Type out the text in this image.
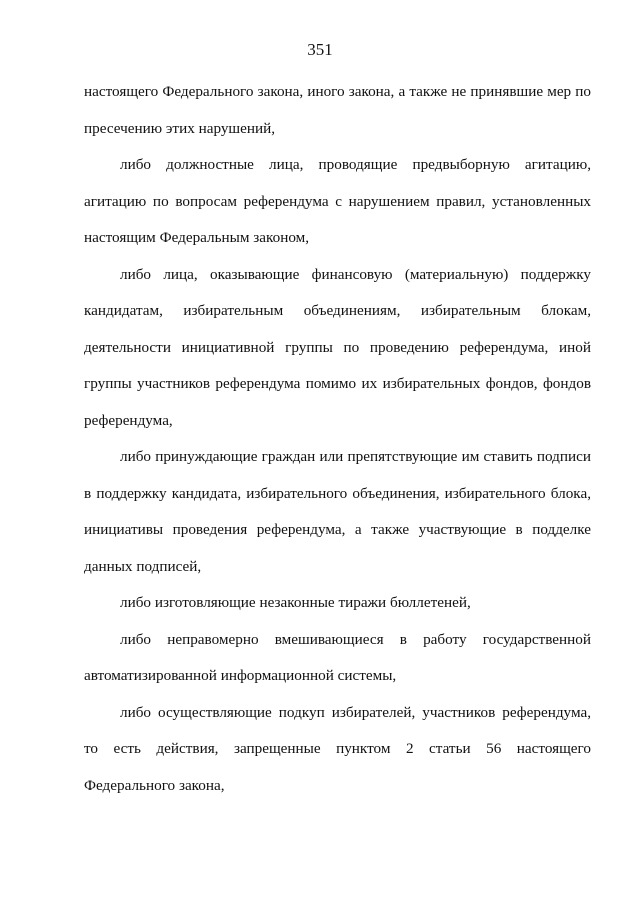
351

настоящего Федерального закона, иного закона, а также не принявшие мер по пресечению этих нарушений,

либо должностные лица, проводящие предвыборную агитацию, агитацию по вопросам референдума с нарушением правил, установленных настоящим Федеральным законом,

либо лица, оказывающие финансовую (материальную) поддержку кандидатам, избирательным объединениям, избирательным блокам, деятельности инициативной группы по проведению референдума, иной группы участников референдума помимо их избирательных фондов, фондов референдума,

либо принуждающие граждан или препятствующие им ставить подписи в поддержку кандидата, избирательного объединения, избирательного блока, инициативы проведения референдума, а также участвующие в подделке данных подписей,

либо изготовляющие незаконные тиражи бюллетеней,

либо неправомерно вмешивающиеся в работу государственной автоматизированной информационной системы,

либо осуществляющие подкуп избирателей, участников референдума, то есть действия, запрещенные пунктом 2 статьи 56 настоящего Федерального закона,
